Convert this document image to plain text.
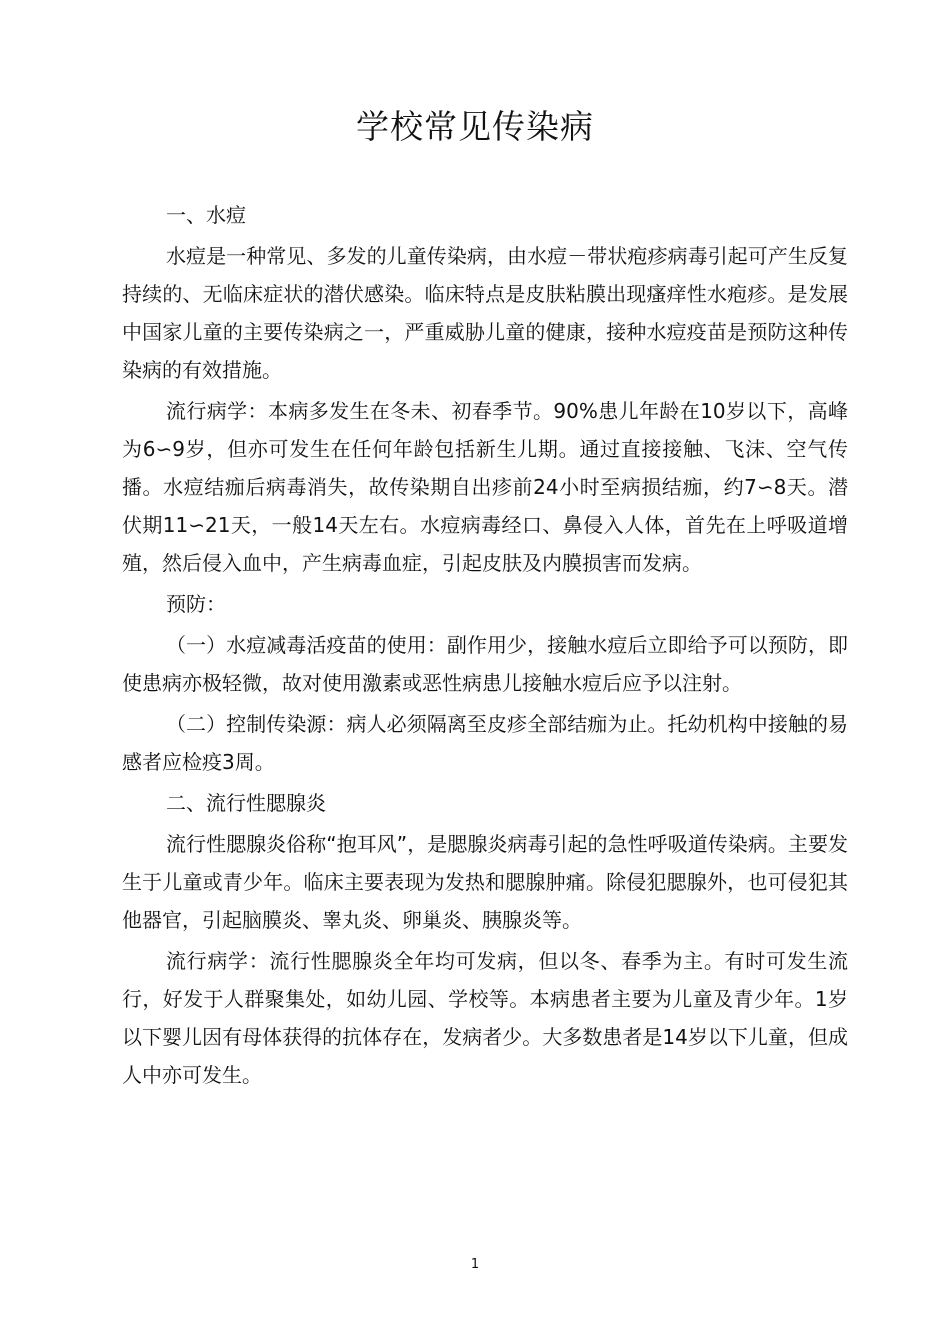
学校常见传染病

一、水痘

水痘是一种常见、多发的儿童传染病，由水痘－带状疱疹病毒引起可产生反复持续的、无临床症状的潜伏感染。临床特点是皮肤粘膜出现瘙痒性水疱疹。是发展中国家儿童的主要传染病之一，严重威胁儿童的健康，接种水痘疫苗是预防这种传染病的有效措施。

流行病学：本病多发生在冬未、初春季节。90%患儿年龄在10岁以下，高峰为6∽9岁，但亦可发生在任何年龄包括新生儿期。通过直接接触、飞沫、空气传播。水痘结痂后病毒消失，故传染期自出疹前24小时至病损结痂，约7∽8天。潜伏期11∽21天，一般14天左右。水痘病毒经口、鼻侵入人体，首先在上呼吸道增殖，然后侵入血中，产生病毒血症，引起皮肤及内膜损害而发病。

预防：

（一）水痘减毒活疫苗的使用：副作用少，接触水痘后立即给予可以预防，即使患病亦极轻微，故对使用激素或恶性病患儿接触水痘后应予以注射。

（二）控制传染源：病人必须隔离至皮疹全部结痂为止。托幼机构中接触的易感者应检疫3周。

二、流行性腮腺炎

流行性腮腺炎俗称“抱耳风”，是腮腺炎病毒引起的急性呼吸道传染病。主要发生于儿童或青少年。临床主要表现为发热和腮腺肿痛。除侵犯腮腺外，也可侵犯其他器官，引起脑膜炎、睾丸炎、卵巢炎、胰腺炎等。

流行病学：流行性腮腺炎全年均可发病，但以冬、春季为主。有时可发生流行，好发于人群聚集处，如幼儿园、学校等。本病患者主要为儿童及青少年。1岁以下婴儿因有母体获得的抗体存在，发病者少。大多数患者是14岁以下儿童，但成人中亦可发生。

1
